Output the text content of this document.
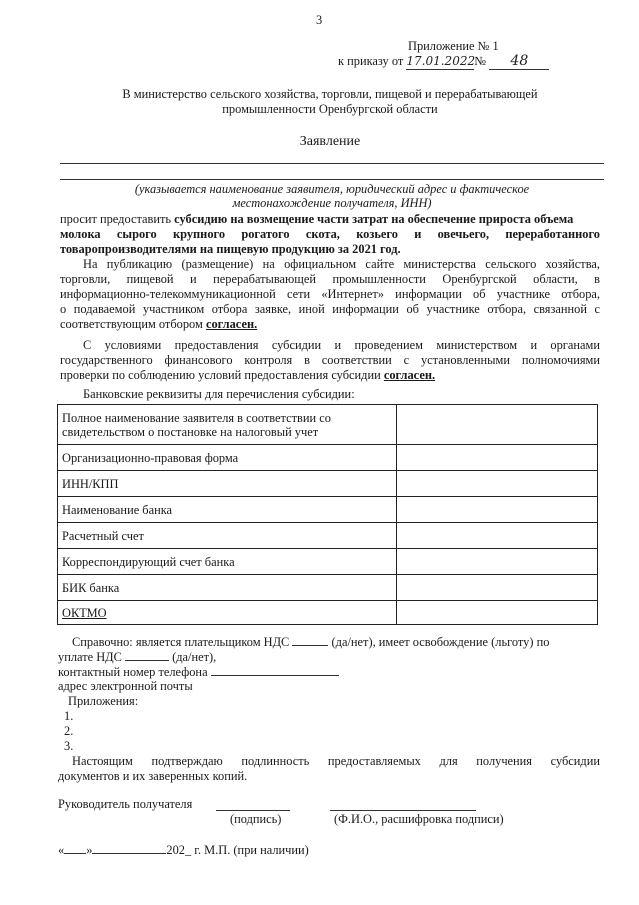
3
Приложение № 1
к приказу от 17.01.2022№ 48
В министерство сельского хозяйства, торговли, пищевой и перерабатывающей
промышленности Оренбургской области
Заявление
(указывается наименование заявителя, юридический адрес и фактическое
местонахождение получателя, ИНН)
просит предоставить субсидию на возмещение части затрат на обеспечение прироста объема
молока сырого крупного рогатого скота, козьего и овечьего, переработанного
товаропроизводителями на пищевую продукцию за 2021 год.
На публикацию (размещение) на официальном сайте министерства сельского хозяйства,
торговли, пищевой и перерабатывающей промышленности Оренбургской области, в
информационно-телекоммуникационной сети «Интернет» информации об участнике отбора,
о подаваемой участником отбора заявке, иной информации об участнике отбора, связанной с
соответствующим отбором согласен.
С условиями предоставления субсидии и проведением министерством и органами
государственного финансового контроля в соответствии с установленными полномочиями
проверки по соблюдению условий предоставления субсидии согласен.
Банковские реквизиты для перечисления субсидии:
Полное наименование заявителя в соответствии со
свидетельством о постановке на налоговый учет	

Организационно-правовая форма	
ИНН/КПП	
Наименование банка	
Расчетный счет	
Корреспондирующий счет банка	
БИК банка	
ОКТМО	
Справочно: является плательщиком НДС	(да/нет), имеет освобождение (льготу) по
уплате НДС	(да/нет),
контактный номер телефона
адрес электронной почты
Приложения:
1.
2.
3.
Настоящим подтверждаю подлинность предоставляемых для получения субсидии
документов и их заверенных копий.
Руководитель получателя
(подпись)	(Ф.И.О., расшифровка подписи)
« »	202_ г. М.П. (при наличии)
